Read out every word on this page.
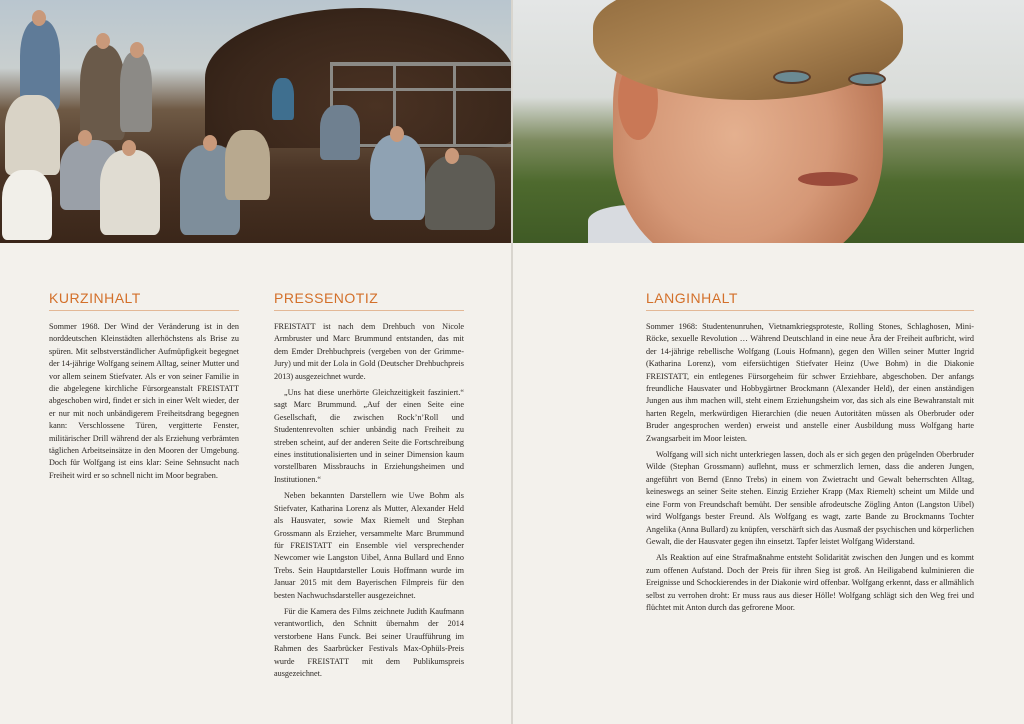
KURZINHALT

Sommer 1968. Der Wind der Veränderung ist in den norddeutschen Kleinstädten allerhöchstens als Brise zu spüren. Mit selbstverständlicher Aufmüpfigkeit begegnet der 14-jährige Wolfgang seinem Alltag, seiner Mutter und vor allem seinem Stiefvater. Als er von seiner Familie in die abgelegene kirchliche Fürsorgeanstalt FREISTATT abgeschoben wird, findet er sich in einer Welt wieder, der er nur mit noch unbändigerem Freiheitsdrang begegnen kann: Verschlossene Türen, vergitterte Fenster, militärischer Drill während der als Erziehung verbrämten täglichen Arbeitseinsätze in den Mooren der Umgebung. Doch für Wolfgang ist eins klar: Seine Sehnsucht nach Freiheit wird er so schnell nicht im Moor begraben.

PRESSENOTIZ

FREISTATT ist nach dem Drehbuch von Nicole Armbruster und Marc Brummund entstanden, das mit dem Emder Drehbuchpreis (vergeben von der Grimme-Jury) und mit der Lola in Gold (Deutscher Drehbuchpreis 2013) ausgezeichnet wurde.

„Uns hat diese unerhörte Gleichzeitigkeit fasziniert.“ sagt Marc Brummund. „Auf der einen Seite eine Gesellschaft, die zwischen Rock’n’Roll und Studentenrevolten schier unbändig nach Freiheit zu streben scheint, auf der anderen Seite die Fortschreibung eines institutionalisierten und in seiner Dimension kaum vorstellbaren Missbrauchs in Erziehungsheimen und Institutionen.“

Neben bekannten Darstellern wie Uwe Bohm als Stiefvater, Katharina Lorenz als Mutter, Alexander Held als Hausvater, sowie Max Riemelt und Stephan Grossmann als Erzieher, versammelte Marc Brummund für FREISTATT ein Ensemble viel versprechender Newcomer wie Langston Uibel, Anna Bullard und Enno Trebs. Sein Hauptdarsteller Louis Hoffmann wurde im Januar 2015 mit dem Bayerischen Filmpreis für den besten Nachwuchsdarsteller ausgezeichnet.

Für die Kamera des Films zeichnete Judith Kaufmann verantwortlich, den Schnitt übernahm der 2014 verstorbene Hans Funck. Bei seiner Uraufführung im Rahmen des Saarbrücker Festivals Max-Ophüls-Preis wurde FREISTATT mit dem Publikumspreis ausgezeichnet.

LANGINHALT

Sommer 1968: Studentenunruhen, Vietnamkriegsproteste, Rolling Stones, Schlaghosen, Mini-Röcke, sexuelle Revolution … Während Deutschland in eine neue Ära der Freiheit aufbricht, wird der 14-jährige rebellische Wolfgang (Louis Hofmann), gegen den Willen seiner Mutter Ingrid (Katharina Lorenz), vom eifersüchtigen Stiefvater Heinz (Uwe Bohm) in die Diakonie FREISTATT, ein entlegenes Fürsorgeheim für schwer Erziehbare, abgeschoben. Der anfangs freundliche Hausvater und Hobbygärtner Brockmann (Alexander Held), der einen anständigen Jungen aus ihm machen will, steht einem Erziehungsheim vor, das sich als eine Bewahranstalt mit harten Regeln, merkwürdigen Hierarchien (die neuen Autoritäten müssen als Oberbruder oder Bruder angesprochen werden) erweist und anstelle einer Ausbildung muss Wolfgang harte Zwangsarbeit im Moor leisten.

Wolfgang will sich nicht unterkriegen lassen, doch als er sich gegen den prügelnden Oberbruder Wilde (Stephan Grossmann) auflehnt, muss er schmerzlich lernen, dass die anderen Jungen, angeführt von Bernd (Enno Trebs) in einem von Zwietracht und Gewalt beherrschten Alltag, keineswegs an seiner Seite stehen. Einzig Erzieher Krapp (Max Riemelt) scheint um Milde und eine Form von Freundschaft bemüht. Der sensible afrodeutsche Zögling Anton (Langston Uibel) wird Wolfgangs bester Freund. Als Wolfgang es wagt, zarte Bande zu Brockmanns Tochter Angelika (Anna Bullard) zu knüpfen, verschärft sich das Ausmaß der psychischen und körperlichen Gewalt, die der Hausvater gegen ihn einsetzt. Tapfer leistet Wolfgang Widerstand.

Als Reaktion auf eine Strafmaßnahme entsteht Solidarität zwischen den Jungen und es kommt zum offenen Aufstand. Doch der Preis für ihren Sieg ist groß. An Heiligabend kulminieren die Ereignisse und Schockierendes in der Diakonie wird offenbar. Wolfgang erkennt, dass er allmählich selbst zu verrohen droht: Er muss raus aus dieser Hölle! Wolfgang schlägt sich den Weg frei und flüchtet mit Anton durch das gefrorene Moor.
